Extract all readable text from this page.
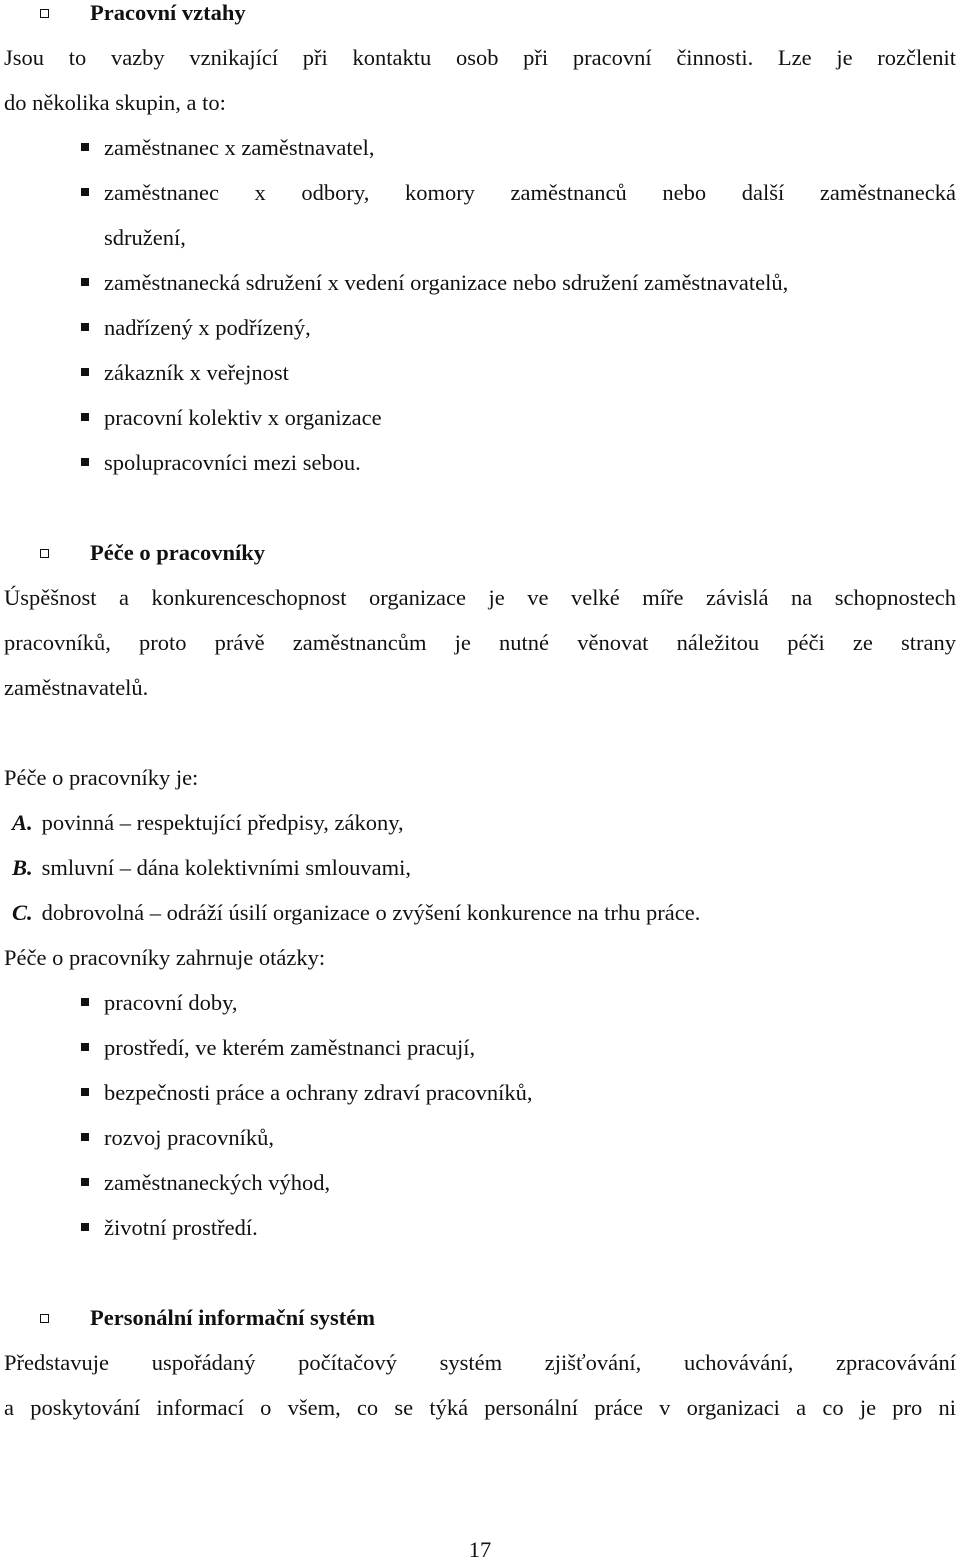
Pracovní vztahy
Jsou to vazby vznikající při kontaktu osob při pracovní činnosti. Lze je rozčlenit
do několika skupin, a to:
zaměstnanec x zaměstnavatel,
zaměstnanec x odbory, komory zaměstnanců nebo další zaměstnanecká
sdružení,
zaměstnanecká sdružení x vedení organizace nebo sdružení zaměstnavatelů,
nadřízený x podřízený,
zákazník x veřejnost
pracovní kolektiv x organizace
spolupracovníci mezi sebou.
Péče o pracovníky
Úspěšnost a konkurenceschopnost organizace je ve velké míře závislá na schopnostech
pracovníků, proto právě zaměstnancům je nutné věnovat náležitou péči ze strany
zaměstnavatelů.
Péče o pracovníky je:
A. povinná – respektující předpisy, zákony,
B. smluvní – dána kolektivními smlouvami,
C. dobrovolná – odráží úsilí organizace o zvýšení konkurence na trhu práce.
Péče o pracovníky zahrnuje otázky:
pracovní doby,
prostředí, ve kterém zaměstnanci pracují,
bezpečnosti práce a ochrany zdraví pracovníků,
rozvoj pracovníků,
zaměstnaneckých výhod,
životní prostředí.
Personální informační systém
Představuje uspořádaný počítačový systém zjišťování, uchovávání, zpracovávání
a poskytování informací o všem, co se týká personální práce v organizaci a co je pro ni
17
